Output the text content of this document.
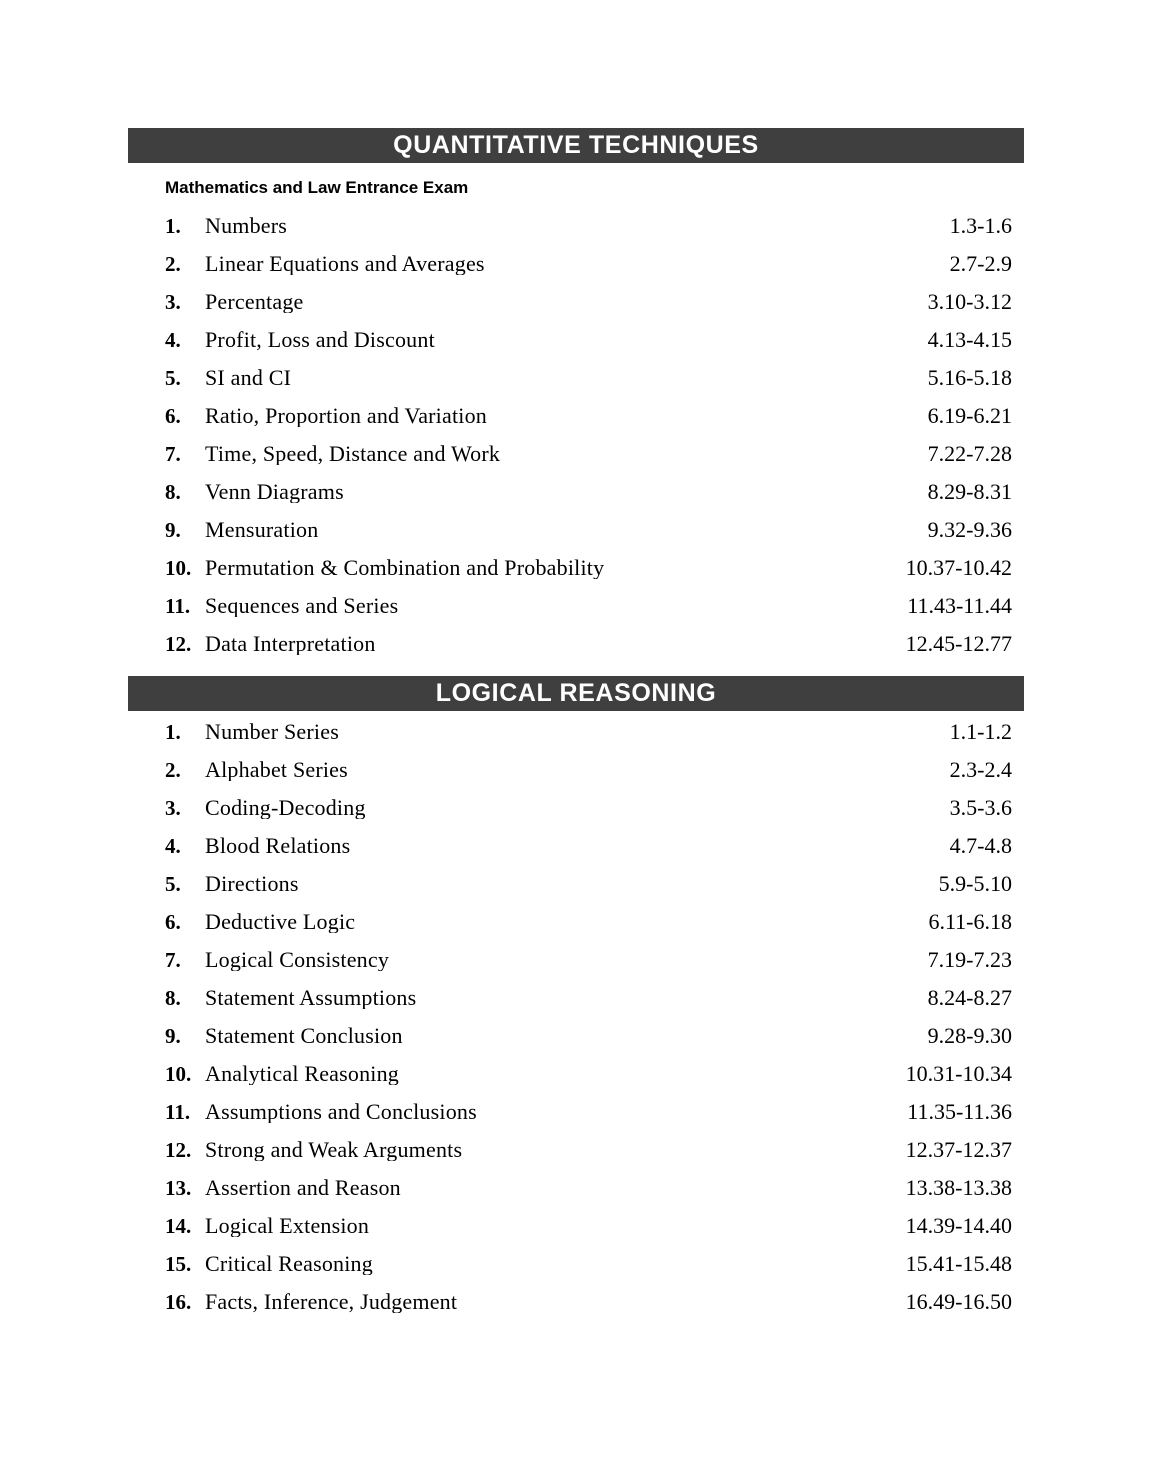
QUANTITATIVE TECHNIQUES
Mathematics and Law Entrance Exam
1.	Numbers	1.3-1.6
2.	Linear Equations and Averages	2.7-2.9
3.	Percentage	3.10-3.12
4.	Profit, Loss and Discount	4.13-4.15
5.	SI and CI	5.16-5.18
6.	Ratio, Proportion and Variation	6.19-6.21
7.	Time, Speed, Distance and Work	7.22-7.28
8.	Venn Diagrams	8.29-8.31
9.	Mensuration	9.32-9.36
10. Permutation & Combination and Probability	10.37-10.42
11. Sequences and Series	11.43-11.44
12. Data Interpretation	12.45-12.77
LOGICAL REASONING
1.	Number Series	1.1-1.2
2.	Alphabet Series	2.3-2.4
3.	Coding-Decoding	3.5-3.6
4.	Blood Relations	4.7-4.8
5.	Directions	5.9-5.10
6.	Deductive Logic	6.11-6.18
7.	Logical Consistency	7.19-7.23
8.	Statement Assumptions	8.24-8.27
9.	Statement Conclusion	9.28-9.30
10. Analytical Reasoning	10.31-10.34
11. Assumptions and Conclusions	11.35-11.36
12. Strong and Weak Arguments	12.37-12.37
13. Assertion and Reason	13.38-13.38
14. Logical Extension	14.39-14.40
15. Critical Reasoning	15.41-15.48
16. Facts, Inference, Judgement	16.49-16.50
